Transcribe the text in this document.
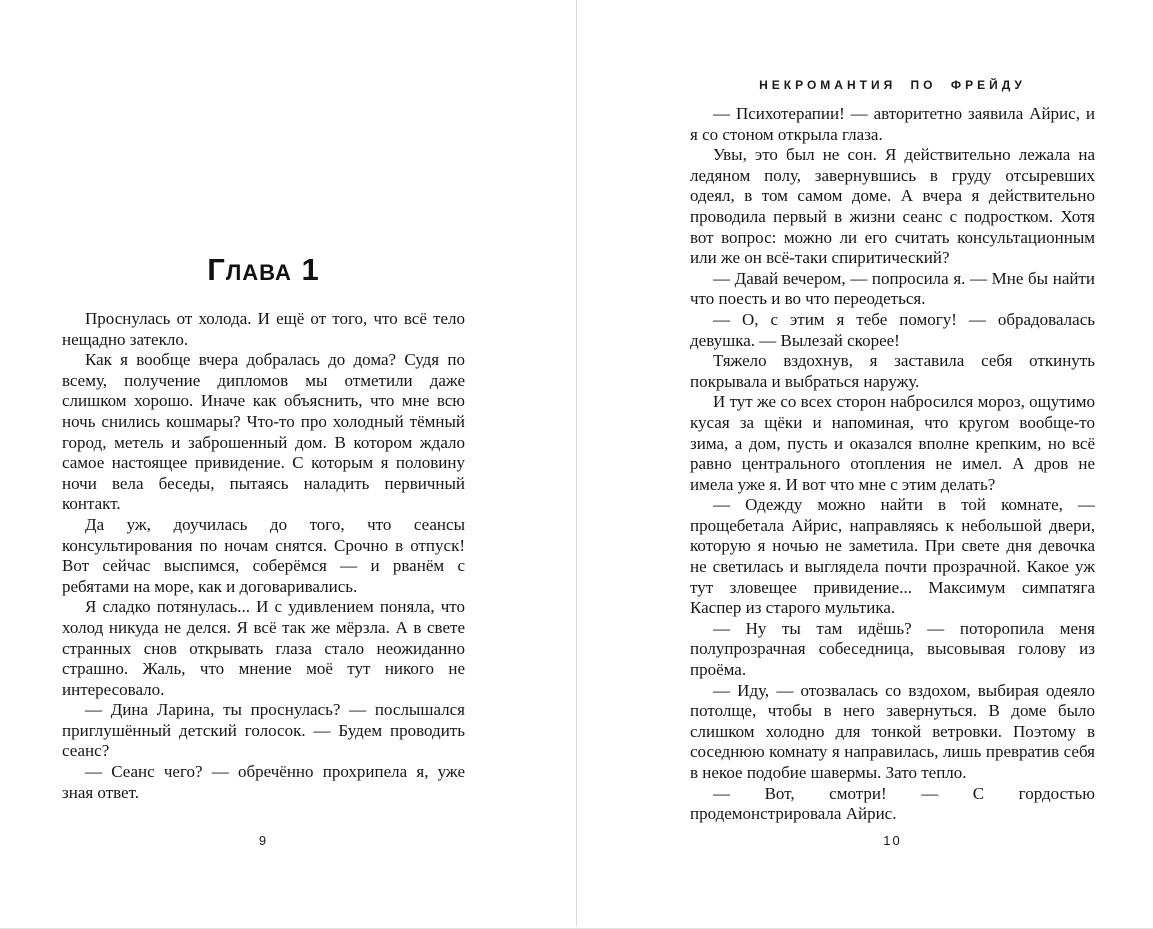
Глава 1

Проснулась от холода. И ещё от того, что всё тело нещадно затекло.

Как я вообще вчера добралась до дома? Судя по всему, получение дипломов мы отметили даже слишком хорошо. Иначе как объяснить, что мне всю ночь снились кошмары? Что-то про холодный тёмный город, метель и заброшенный дом. В котором ждало самое настоящее привидение. С которым я половину ночи вела беседы, пытаясь наладить первичный контакт.

Да уж, доучилась до того, что сеансы консультирования по ночам снятся. Срочно в отпуск! Вот сейчас выспимся, соберёмся — и рванём с ребятами на море, как и договаривались.

Я сладко потянулась... И с удивлением поняла, что холод никуда не делся. Я всё так же мёрзла. А в свете странных снов открывать глаза стало неожиданно страшно. Жаль, что мнение моё тут никого не интересовало.

— Дина Ларина, ты проснулась? — послышался приглушённый детский голосок. — Будем проводить сеанс?

— Сеанс чего? — обречённо прохрипела я, уже зная ответ.

9
НЕКРОМАНТИЯ ПО ФРЕЙДУ

— Психотерапии! — авторитетно заявила Айрис, и я со стоном открыла глаза.

Увы, это был не сон. Я действительно лежала на ледяном полу, завернувшись в груду отсыревших одеял, в том самом доме. А вчера я действительно проводила первый в жизни сеанс с подростком. Хотя вот вопрос: можно ли его считать консультационным или же он всё-таки спиритический?

— Давай вечером, — попросила я. — Мне бы найти что поесть и во что переодеться.

— О, с этим я тебе помогу! — обрадовалась девушка. — Вылезай скорее!

Тяжело вздохнув, я заставила себя откинуть покрывала и выбраться наружу.

И тут же со всех сторон набросился мороз, ощутимо кусая за щёки и напоминая, что кругом вообще-то зима, а дом, пусть и оказался вполне крепким, но всё равно центрального отопления не имел. А дров не имела уже я. И вот что мне с этим делать?

— Одежду можно найти в той комнате, — прощебетала Айрис, направляясь к небольшой двери, которую я ночью не заметила. При свете дня девочка не светилась и выглядела почти прозрачной. Какое уж тут зловещее привидение... Максимум симпатяга Каспер из старого мультика.

— Ну ты там идёшь? — поторопила меня полупрозрачная собеседница, высовывая голову из проёма.

— Иду, — отозвалась со вздохом, выбирая одеяло потолще, чтобы в него завернуться. В доме было слишком холодно для тонкой ветровки. Поэтому в соседнюю комнату я направилась, лишь превратив себя в некое подобие шавермы. Зато тепло.

— Вот, смотри! — С гордостью продемонстрировала Айрис.

10
